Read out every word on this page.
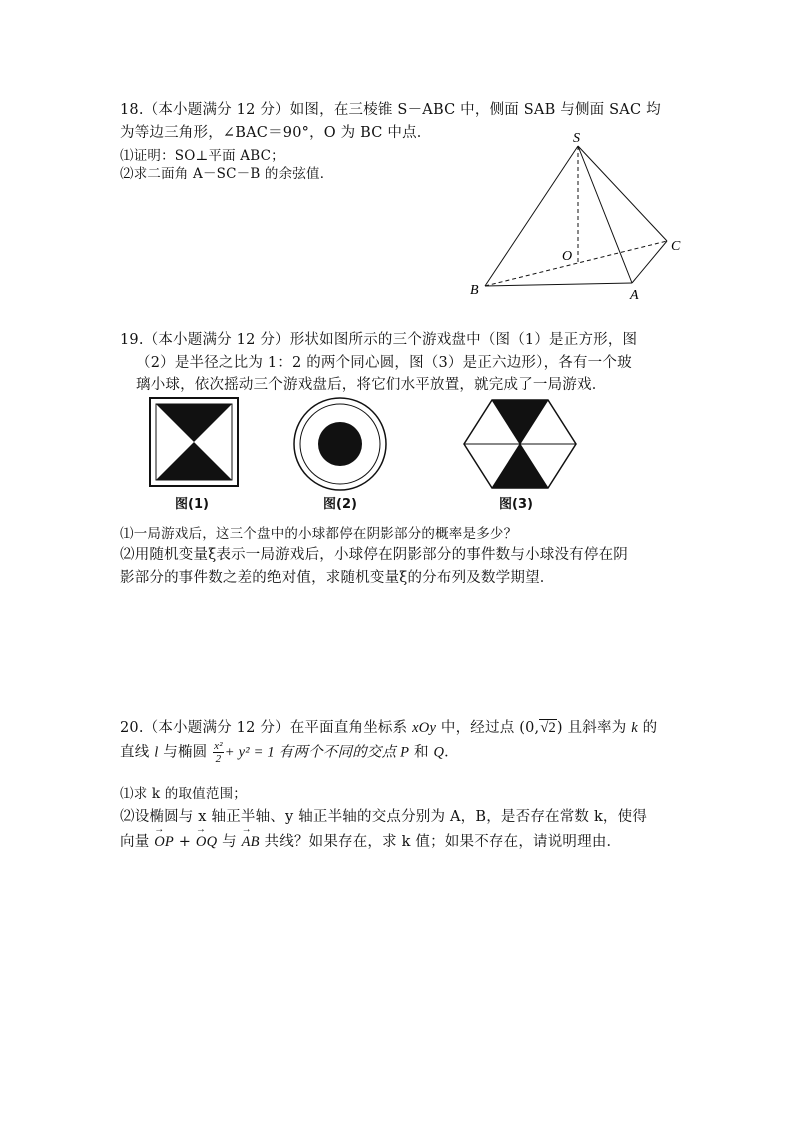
18.（本小题满分 12 分）如图，在三棱锥 S－ABC 中，侧面 SAB 与侧面 SAC 均
为等边三角形，∠BAC＝90°，O 为 BC 中点．
⑴证明：SO⊥平面 ABC；
⑵求二面角 A－SC－B 的余弦值．
S
O
C
B	A
19.（本小题满分 12 分）形状如图所示的三个游戏盘中（图（1）是正方形，图
（2）是半径之比为 1：2 的两个同心圆，图（3）是正六边形），各有一个玻
璃小球，依次摇动三个游戏盘后，将它们水平放置，就完成了一局游戏．
图(1)	图(2)	图(3)
⑴一局游戏后，这三个盘中的小球都停在阴影部分的概率是多少？
⑵用随机变量ξ表示一局游戏后，小球停在阴影部分的事件数与小球没有停在阴
影部分的事件数之差的绝对值，求随机变量ξ的分布列及数学期望．
20.（本小题满分 12 分）在平面直角坐标系 xOy 中，经过点 (0,√2) 且斜率为 k 的
直线 l 与椭圆 $\frac{\text{x²}}{2} + y^2 = 1$ 有两个不同的交点 P 和 Q．
⑴求 k 的取值范围；
⑵设椭圆与 x 轴正半轴、y 轴正半轴的交点分别为 A，B，是否存在常数 k，使得
向量 → OP + → OQ 与 → AB 共线？如果存在，求 k 值；如果不存在，请说明理由．
